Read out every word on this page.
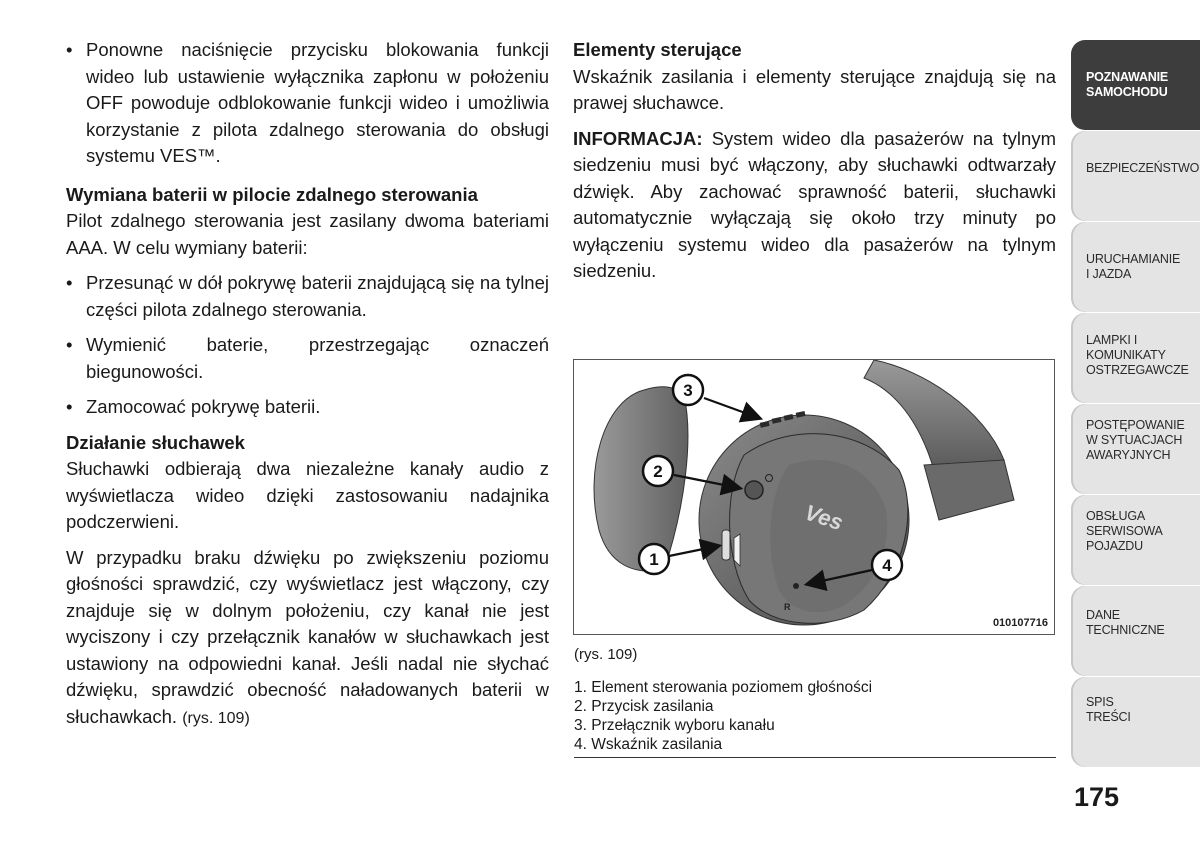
• Ponowne naciśnięcie przycisku blokowania funkcji wideo lub ustawienie wyłącznika zapłonu w położeniu OFF powoduje odblokowanie funkcji wideo i umożliwia korzystanie z pilota zdalnego sterowania do obsługi systemu VES™.

Wymiana baterii w pilocie zdalnego sterowania

Pilot zdalnego sterowania jest zasilany dwoma bateriami AAA. W celu wymiany baterii:

• Przesunąć w dół pokrywę baterii znajdującą się na tylnej części pilota zdalnego sterowania.

• Wymienić baterie, przestrzegając oznaczeń biegunowości.

• Zamocować pokrywę baterii.

Działanie słuchawek

Słuchawki odbierają dwa niezależne kanały audio z wyświetlacza wideo dzięki zastosowaniu nadajnika podczerwieni.

W przypadku braku dźwięku po zwiększeniu poziomu głośności sprawdzić, czy wyświetlacz jest włączony, czy znajduje się w dolnym położeniu, czy kanał nie jest wyciszony i czy przełącznik kanałów w słuchawkach jest ustawiony na odpowiedni kanał. Jeśli nadal nie słychać dźwięku, sprawdzić obecność naładowanych baterii w słuchawkach. (rys. 109)

Elementy sterujące

Wskaźnik zasilania i elementy sterujące znajdują się na prawej słuchawce.

INFORMACJA: System wideo dla pasażerów na tylnym siedzeniu musi być włączony, aby słuchawki odtwarzały dźwięk. Aby zachować sprawność baterii, słuchawki automatycznie wyłączają się około trzy minuty po wyłączeniu systemu wideo dla pasażerów na tylnym siedzeniu.

Ves
R
3
2
1	4
010107716
(rys. 109)
1. Element sterowania poziomem głośności
2. Przycisk zasilania
3. Przełącznik wyboru kanału
4. Wskaźnik zasilania
POZNAWANIE
SAMOCHODU
BEZPIECZEŃSTWO
URUCHAMIANIE
I JAZDA
LAMPKI I
KOMUNIKATY
OSTRZEGAWCZE
POSTĘPOWANIE
W SYTUACJACH
AWARYJNYCH
OBSŁUGA
SERWISOWA
POJAZDU
DANE
TECHNICZNE
SPIS
TREŚCI
175
